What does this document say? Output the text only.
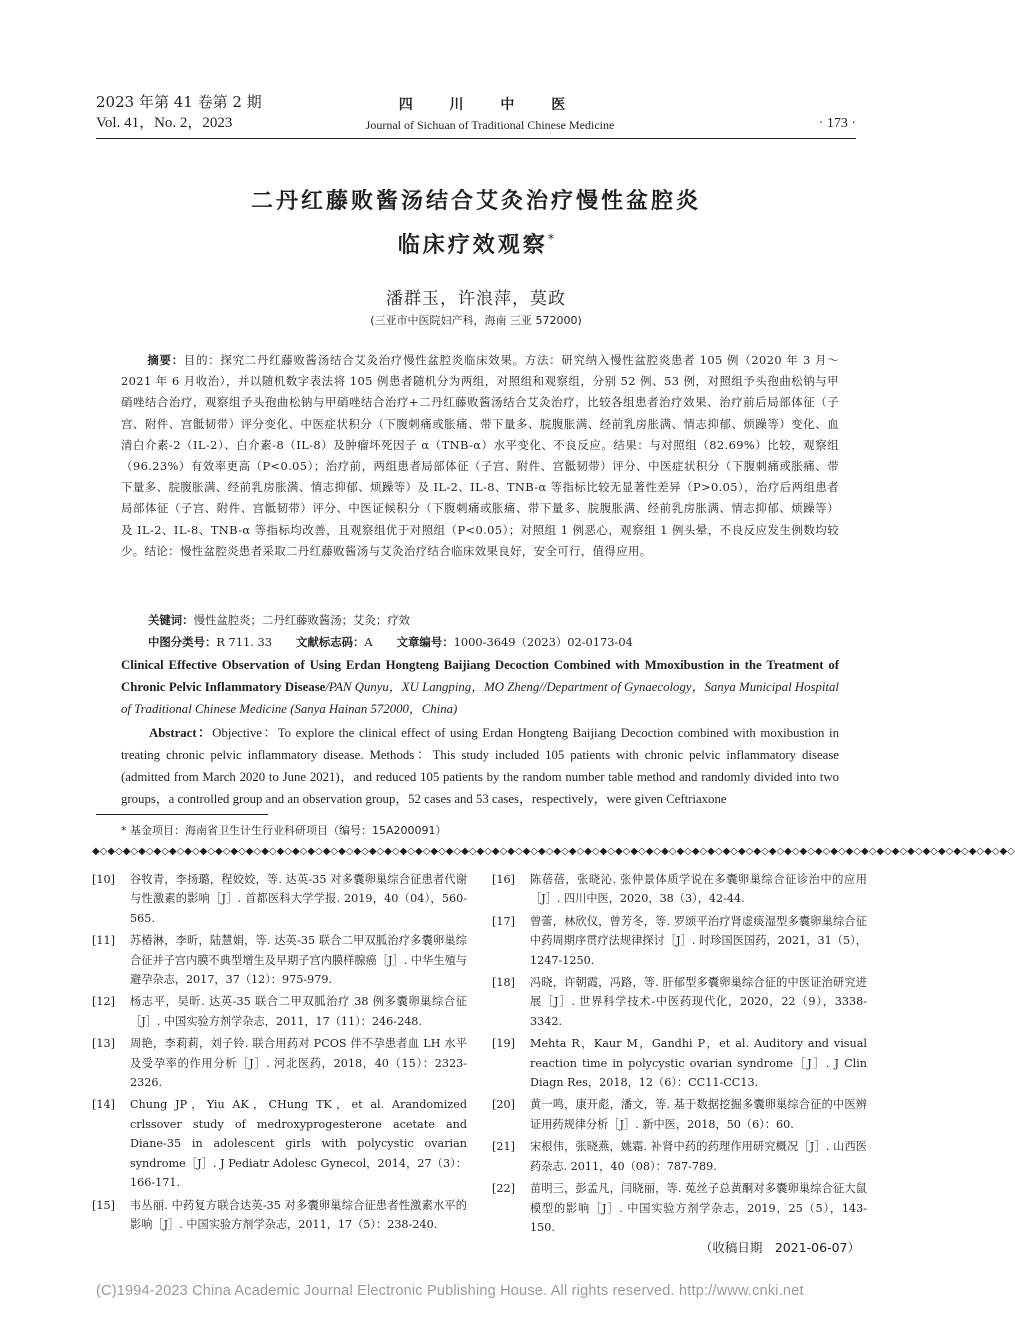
2023 年第 41 卷第 2 期
Vol. 41，No. 2，2023
四 川 中 医
Journal of Sichuan of Traditional Chinese Medicine	· 173 ·
二丹红藤败酱汤结合艾灸治疗慢性盆腔炎
临床疗效观察*
潘群玉，许浪萍，莫政
(三亚市中医院妇产科，海南 三亚 572000)
摘要：目的：探究二丹红藤败酱汤结合艾灸治疗慢性盆腔炎临床效果。方法：研究纳入慢性盆腔炎患者 105 例（2020 年 3 月～2021 年 6 月收治），并以随机数字表法将 105 例患者随机分为两组，对照组和观察组，分别 52 例、53 例，对照组予头孢曲松钠与甲硝唑结合治疗，观察组予头孢曲松钠与甲硝唑结合治疗+二丹红藤败酱汤结合艾灸治疗，比较各组患者治疗效果、治疗前后局部体征（子宫、附件、宫骶韧带）评分变化、中医症状积分（下腹刺痛或胀痛、带下量多、脘腹胀满、经前乳房胀满、情志抑郁、烦躁等）变化、血清白介素-2（IL-2）、白介素-8（IL-8）及肿瘤坏死因子 α（TNB-α）水平变化、不良反应。结果：与对照组（82.69%）比较，观察组（96.23%）有效率更高（P<0.05）；治疗前，两组患者局部体征（子宫、附件、宫骶韧带）评分、中医症状积分（下腹刺痛或胀痛、带下量多、脘腹胀满、经前乳房胀满、情志抑郁、烦躁等）及 IL-2、IL-8、TNB-α 等指标比较无显著性差异（P>0.05），治疗后两组患者局部体征（子宫、附件、宫骶韧带）评分、中医证候积分（下腹刺痛或胀痛、带下量多、脘腹胀满、经前乳房胀满、情志抑郁、烦躁等）及 IL-2、IL-8、TNB-α 等指标均改善，且观察组优于对照组（P<0.05）；对照组 1 例恶心，观察组 1 例头晕，不良反应发生例数均较少。结论：慢性盆腔炎患者采取二丹红藤败酱汤与艾灸治疗结合临床效果良好，安全可行，值得应用。
关键词：慢性盆腔炎；二丹红藤败酱汤；艾灸；疗效
中图分类号：R 711. 33 文献标志码：A 文章编号：1000-3649（2023）02-0173-04
Clinical Effective Observation of Using Erdan Hongteng Baijiang Decoction Combined with Mmoxibustion in the Treatment of Chronic Pelvic Inflammatory Disease/PAN Qunyu，XU Langping，MO Zheng//Department of Gynaecology，Sanya Municipal Hospital of Traditional Chinese Medicine (Sanya Hainan 572000，China)
Abstract：Objective：To explore the clinical effect of using Erdan Hongteng Baijiang Decoction combined with moxibustion in treating chronic pelvic inflammatory disease. Methods：This study included 105 patients with chronic pelvic inflammatory disease (admitted from March 2020 to June 2021)，and reduced 105 patients by the random number table method and randomly divided into two groups，a controlled group and an observation group，52 cases and 53 cases，respectively，were given Ceftriaxone
* 基金项目：海南省卫生计生行业科研项目（编号：15A200091）
◆◇◆◇◆◇◆◇◆◇◆◇◆◇◆◇◆◇◆◇◆◇◆◇◆◇◆◇◆◇◆◇◆◇◆◇◆◇◆◇◆◇◆◇◆◇◆◇◆◇◆◇◆◇◆◇◆◇◆◇◆◇◆◇◆◇◆◇◆◇◆◇◆◇◆◇◆◇◆◇◆◇◆◇◆◇◆◇◆◇◆◇◆◇◆◇◆◇◆◇◆◇◆◇◆◇◆◇◆◇◆◇◆◇◆◇◆◇◆◇
[10] 谷牧青，李扬璐，程姣姣，等. 达英-35 对多囊卵巢综合征患者代谢与性激素的影响［J］. 首都医科大学学报. 2019，40（04），560-565.
[11] 苏椿淋，李昕，陆慧娟，等. 达英-35 联合二甲双胍治疗多囊卵巢综合征并子宫内膜不典型增生及早期子宫内膜样腺癌［J］. 中华生殖与避孕杂志，2017，37（12）：975-979.
[12] 杨志平，吴昕. 达英-35 联合二甲双胍治疗 38 例多囊卵巢综合征［J］. 中国实验方剂学杂志，2011，17（11）：246-248.
[13] 周艳，李莉莉，刘子铃. 联合用药对 PCOS 伴不孕患者血 LH 水平及受孕率的作用分析［J］. 河北医药，2018，40（15）：2323-2326.
[14] Chung JP，Yiu AK，CHung TK，et al. Arandomized crlssover study of medroxyprogesterone acetate and Diane-35 in adolescent girls with polycystic ovarian syndrome［J］. J Pediatr Adolesc Gynecol，2014，27（3）：166-171.
[15] 韦丛丽. 中药复方联合达英-35 对多囊卵巢综合征患者性激素水平的影响［J］. 中国实验方剂学杂志，2011，17（5）：238-240.
[16] 陈蓓蓓，张晓沁. 张仲景体质学说在多囊卵巢综合征诊治中的应用［J］. 四川中医，2020，38（3），42-44.
[17] 曾蕾，林欣仪，曾芳冬，等. 罗颂平治疗肾虚痰湿型多囊卵巢综合征中药周期序贯疗法规律探讨［J］. 时珍国医国药，2021，31（5），1247-1250.
[18] 冯晓，许朝霞，冯路，等. 肝郁型多囊卵巢综合征的中医证治研究进展［J］. 世界科学技术-中医药现代化，2020，22（9），3338-3342.
[19] Mehta R，Kaur M，Gandhi P，et al. Auditory and visual reaction time in polycystic ovarian syndrome［J］. J Clin Diagn Res，2018，12（6）：CC11-CC13.
[20] 黄一鸣，康开彪，潘文，等. 基于数据挖掘多囊卵巢综合征的中医辨证用药规律分析［J］. 新中医，2018，50（6）：60.
[21] 宋根伟，张晓燕，姚霜. 补肾中药的药理作用研究概况［J］. 山西医药杂志. 2011，40（08）：787-789.
[22] 苗明三，彭孟凡，闫晓丽，等. 菟丝子总黄酮对多囊卵巢综合征大鼠模型的影响［J］. 中国实验方剂学杂志，2019，25（5），143-150.
（收稿日期　2021-06-07）
(C)1994-2023 China Academic Journal Electronic Publishing House. All rights reserved. http://www.cnki.net
